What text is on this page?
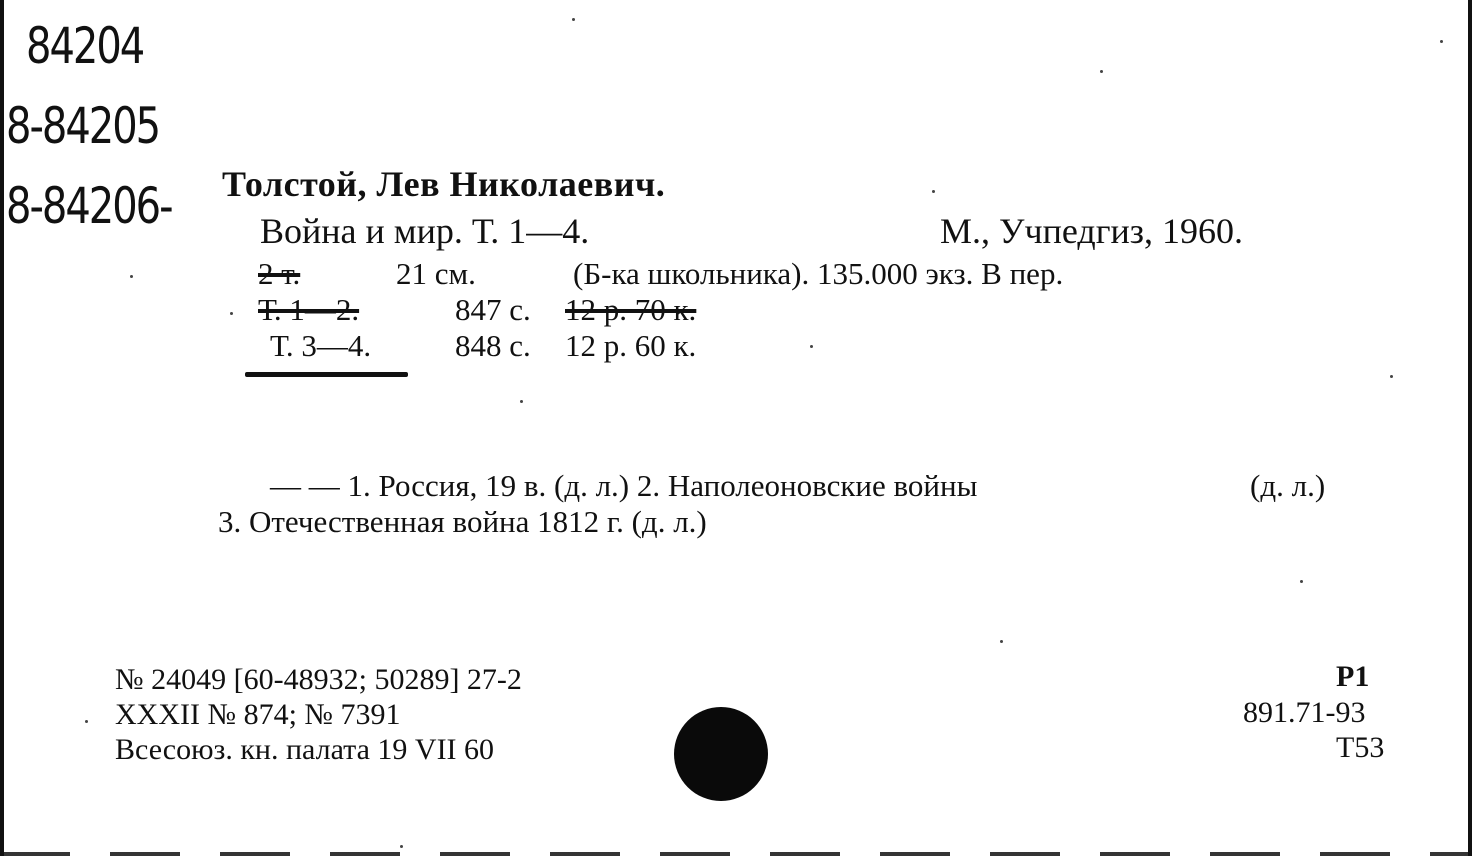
84204
8-84205
8-84206- Толстой, Лев Николаевич.
Война и мир. Т. 1—4.	М., Учпедгиз, 1960.
2 т.	21 см.	(Б-ка школьника). 135.000 экз. В пер.
Т. 1—2.	847 с. 12 р. 70 к.
Т. 3—4.	848 с. 12 р. 60 к.
— — 1. Россия, 19 в. (д. л.) 2. Наполеоновские войны	(д. л.)
3. Отечественная война 1812 г. (д. л.)
№ 24049 [60-48932; 50289] 27-2
XXXII № 874; № 7391
Всесоюз. кн. палата 19 VII 60
Р1
891.71-93
Т53
